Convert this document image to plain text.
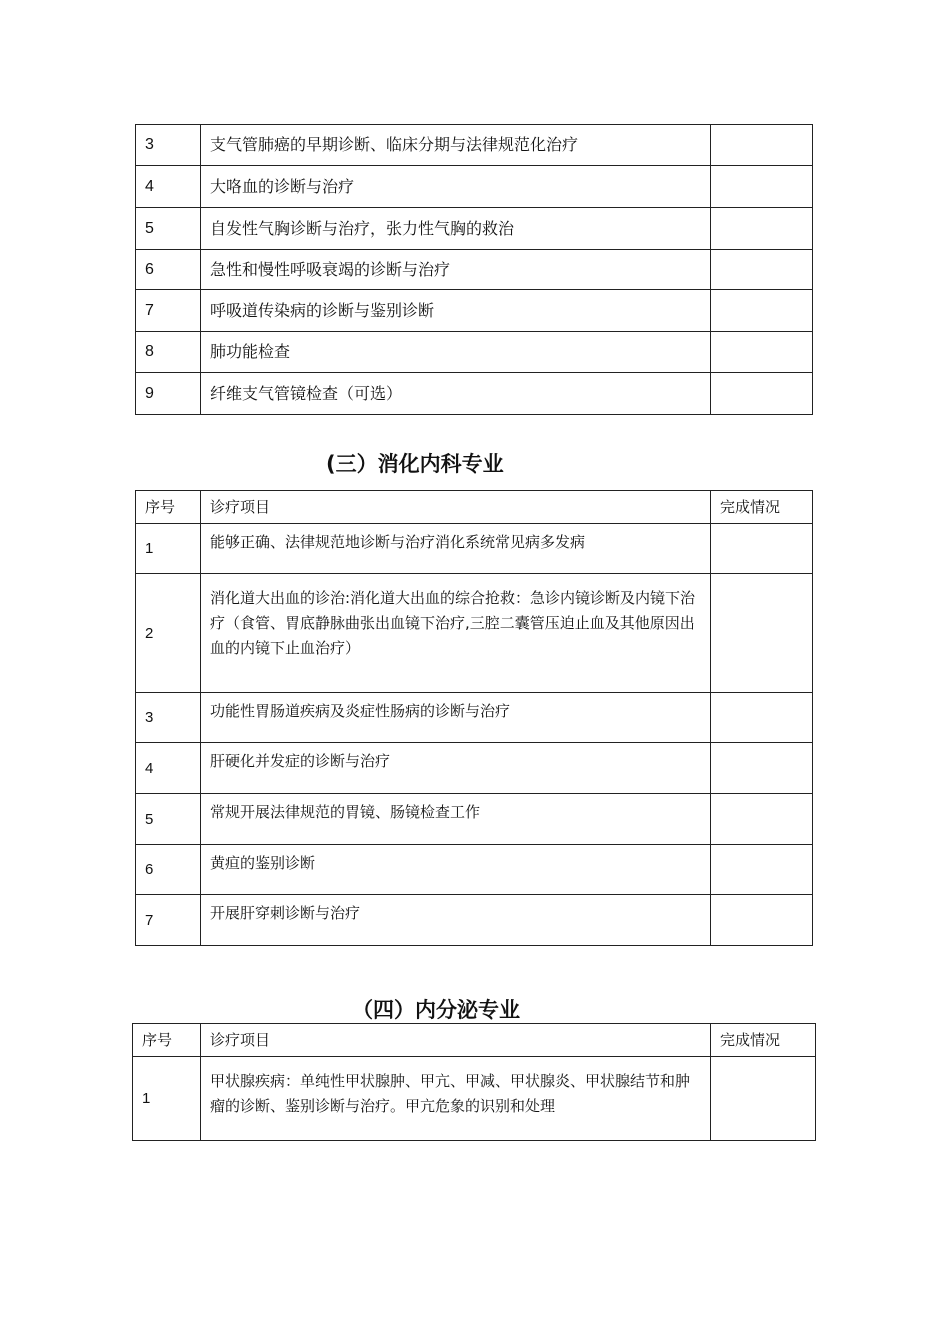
3	支气管肺癌的早期诊断、临床分期与法律规范化治疗	
4	大咯血的诊断与治疗	
5	自发性气胸诊断与治疗，张力性气胸的救治	
6	急性和慢性呼吸衰竭的诊断与治疗	
7	呼吸道传染病的诊断与鉴别诊断	
8	肺功能检查	
9	纤维支气管镜检查（可选）	
(三）消化内科专业
序号	诊疗项目	完成情况
1	能够正确、法律规范地诊断与治疗消化系统常见病多发病	
2	消化道大出血的诊治:消化道大出血的综合抢救：急诊内镜诊断及内镜下治疗（食管、胃底静脉曲张出血镜下治疗,三腔二囊管压迫止血及其他原因出血的内镜下止血治疗）	
3	功能性胃肠道疾病及炎症性肠病的诊断与治疗	
4	肝硬化并发症的诊断与治疗	
5	常规开展法律规范的胃镜、肠镜检查工作	
6	黄疸的鉴别诊断	
7	开展肝穿刺诊断与治疗	
（四）内分泌专业
序号	诊疗项目	完成情况
1	甲状腺疾病：单纯性甲状腺肿、甲亢、甲减、甲状腺炎、甲状腺结节和肿瘤的诊断、鉴别诊断与治疗。甲亢危象的识别和处理	
